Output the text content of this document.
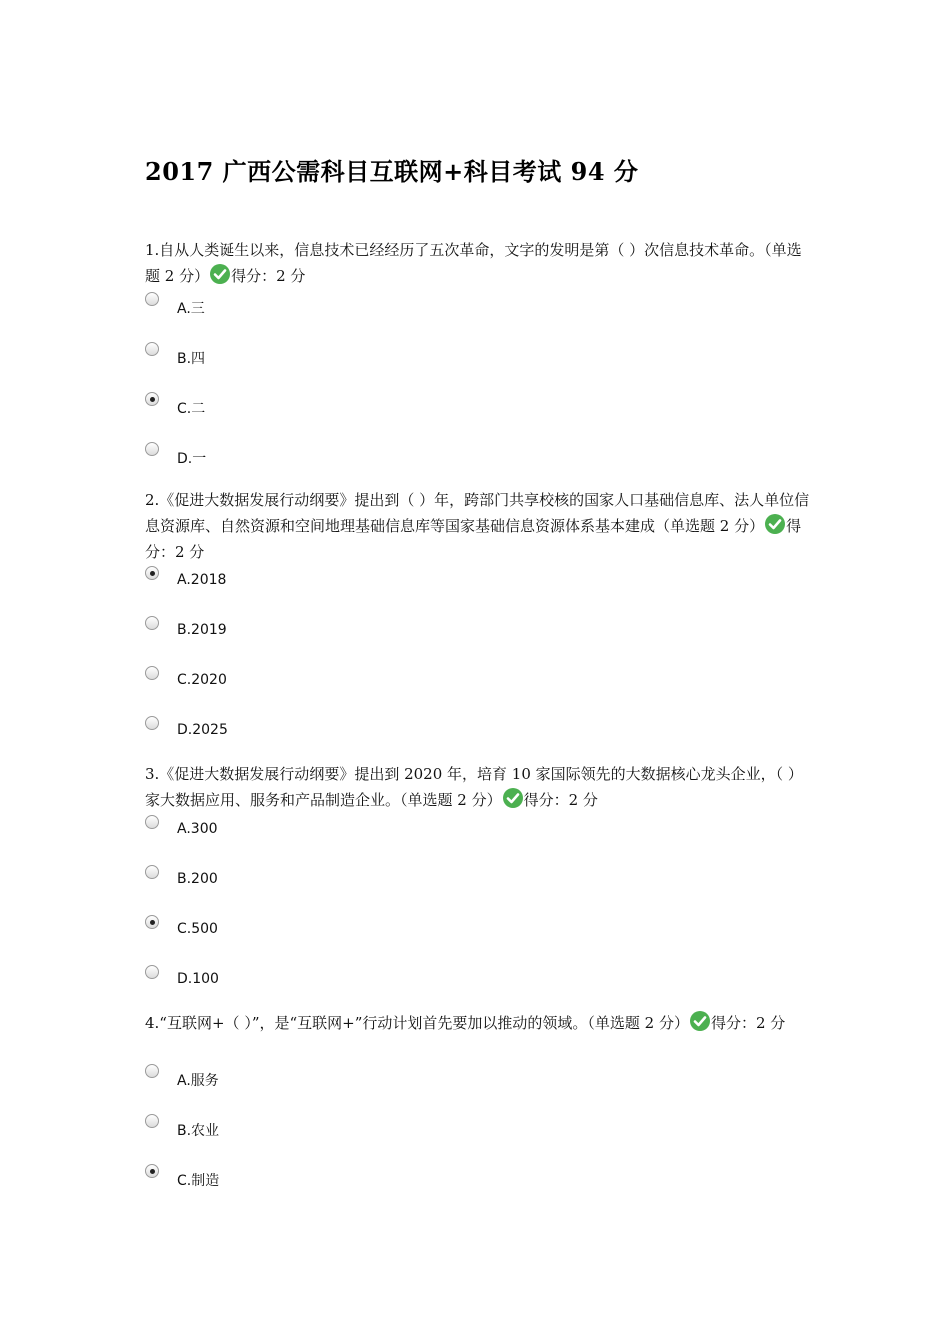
2017 广西公需科目互联网+科目考试 94 分
1.自从人类诞生以来，信息技术已经经历了五次革命，文字的发明是第（ ）次信息技术革命。（单选题 2 分） 得分：2 分
A.三
B.四
C.二
D.一
2.《促进大数据发展行动纲要》提出到（ ）年，跨部门共享校核的国家人口基础信息库、法人单位信息资源库、自然资源和空间地理基础信息库等国家基础信息资源体系基本建成（单选题 2 分） 得分：2 分
A.2018
B.2019
C.2020
D.2025
3.《促进大数据发展行动纲要》提出到 2020 年，培育 10 家国际领先的大数据核心龙头企业，（ ）家大数据应用、服务和产品制造企业。（单选题 2 分） 得分：2 分
A.300
B.200
C.500
D.100
4.“互联网+（ ）”，是“互联网+”行动计划首先要加以推动的领域。（单选题 2 分） 得分：2 分
A.服务
B.农业
C.制造
